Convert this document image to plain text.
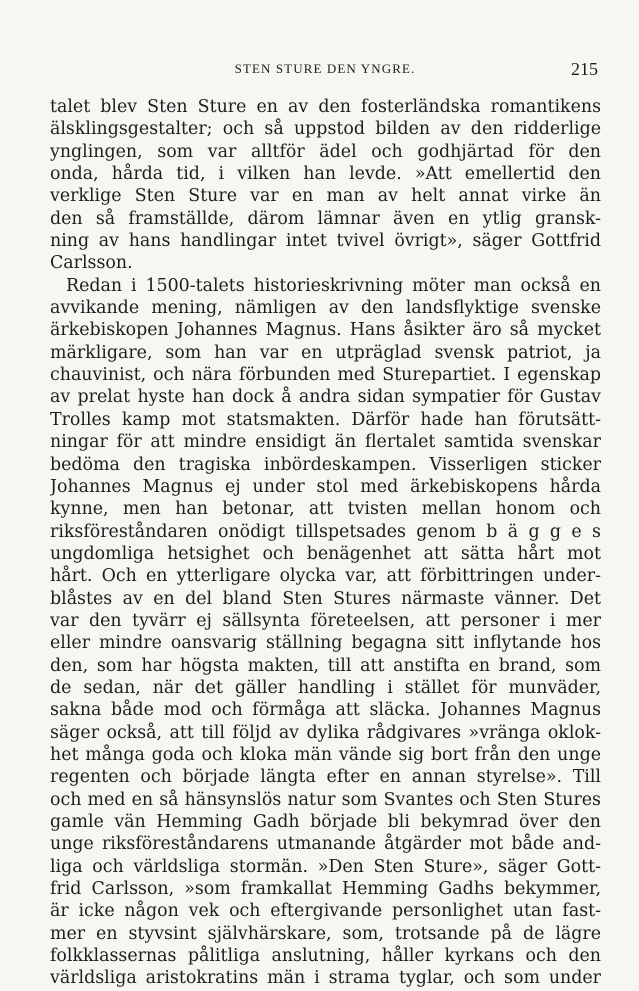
STEN STURE DEN YNGRE.	215
talet blev Sten Sture en av den fosterländska romantikens
älsklingsgestalter; och så uppstod bilden av den ridderlige
ynglingen, som var alltför ädel och godhjärtad för den
onda, hårda tid, i vilken han levde. »Att emellertid den
verklige Sten Sture var en man av helt annat virke än
den så framställde, därom lämnar även en ytlig gransk-
ning av hans handlingar intet tvivel övrigt», säger Gottfrid
Carlsson.
Redan i 1500-talets historieskrivning möter man också en
avvikande mening, nämligen av den landsflyktige svenske
ärkebiskopen Johannes Magnus. Hans åsikter äro så mycket
märkligare, som han var en utpräglad svensk patriot, ja
chauvinist, och nära förbunden med Sturepartiet. I egenskap
av prelat hyste han dock å andra sidan sympatier för Gustav
Trolles kamp mot statsmakten. Därför hade han förutsätt-
ningar för att mindre ensidigt än flertalet samtida svenskar
bedöma den tragiska inbördeskampen. Visserligen sticker
Johannes Magnus ej under stol med ärkebiskopens hårda
kynne, men han betonar, att tvisten mellan honom och
riksföreståndaren onödigt tillspetsades genom b ä g g e s
ungdomliga hetsighet och benägenhet att sätta hårt mot
hårt. Och en ytterligare olycka var, att förbittringen under-
blåstes av en del bland Sten Stures närmaste vänner. Det
var den tyvärr ej sällsynta företeelsen, att personer i mer
eller mindre oansvarig ställning begagna sitt inflytande hos
den, som har högsta makten, till att anstifta en brand, som
de sedan, när det gäller handling i stället för munväder,
sakna både mod och förmåga att släcka. Johannes Magnus
säger också, att till följd av dylika rådgivares »vränga oklok-
het många goda och kloka män vände sig bort från den unge
regenten och började längta efter en annan styrelse». Till
och med en så hänsynslös natur som Svantes och Sten Stures
gamle vän Hemming Gadh började bli bekymrad över den
unge riksföreståndarens utmanande åtgärder mot både and-
liga och världsliga stormän. »Den Sten Sture», säger Gott-
frid Carlsson, »som framkallat Hemming Gadhs bekymmer,
är icke någon vek och eftergivande personlighet utan fast-
mer en styvsint självhärskare, som, trotsande på de lägre
folkklassernas pålitliga anslutning, håller kyrkans och den
världsliga aristokratins män i strama tyglar, och som under
